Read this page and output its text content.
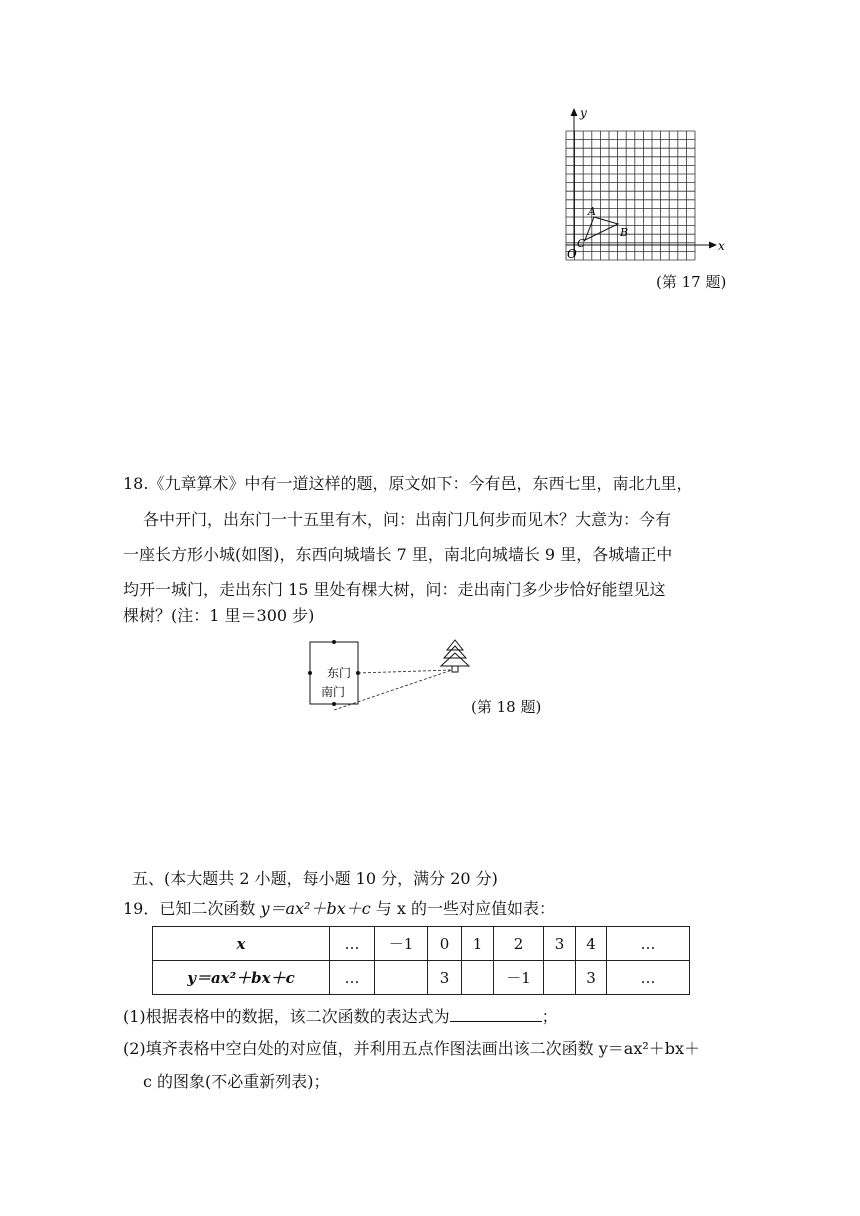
y
x
O
A
B
C
(第 17 题)
18.《九章算术》中有一道这样的题，原文如下：今有邑，东西七里，南北九里，
各中开门，出东门一十五里有木，问：出南门几何步而见木？大意为：今有
一座长方形小城(如图)，东西向城墙长 7 里，南北向城墙长 9 里，各城墙正中
均开一城门，走出东门 15 里处有棵大树，问：走出南门多少步恰好能望见这
棵树？(注：1 里＝300 步)
东门
南门
(第 18 题)
五、(本大题共 2 小题，每小题 10 分，满分 20 分)
19．已知二次函数 y＝ax²＋bx＋c 与 x 的一些对应值如表：
x	…	－1	0	1	2	3	4	…
y＝ax²＋bx＋c	…		3		－1		3	…
(1)根据表格中的数据，该二次函数的表达式为	；
(2)填齐表格中空白处的对应值，并利用五点作图法画出该二次函数 y＝ax²＋bx＋
c 的图象(不必重新列表)；
